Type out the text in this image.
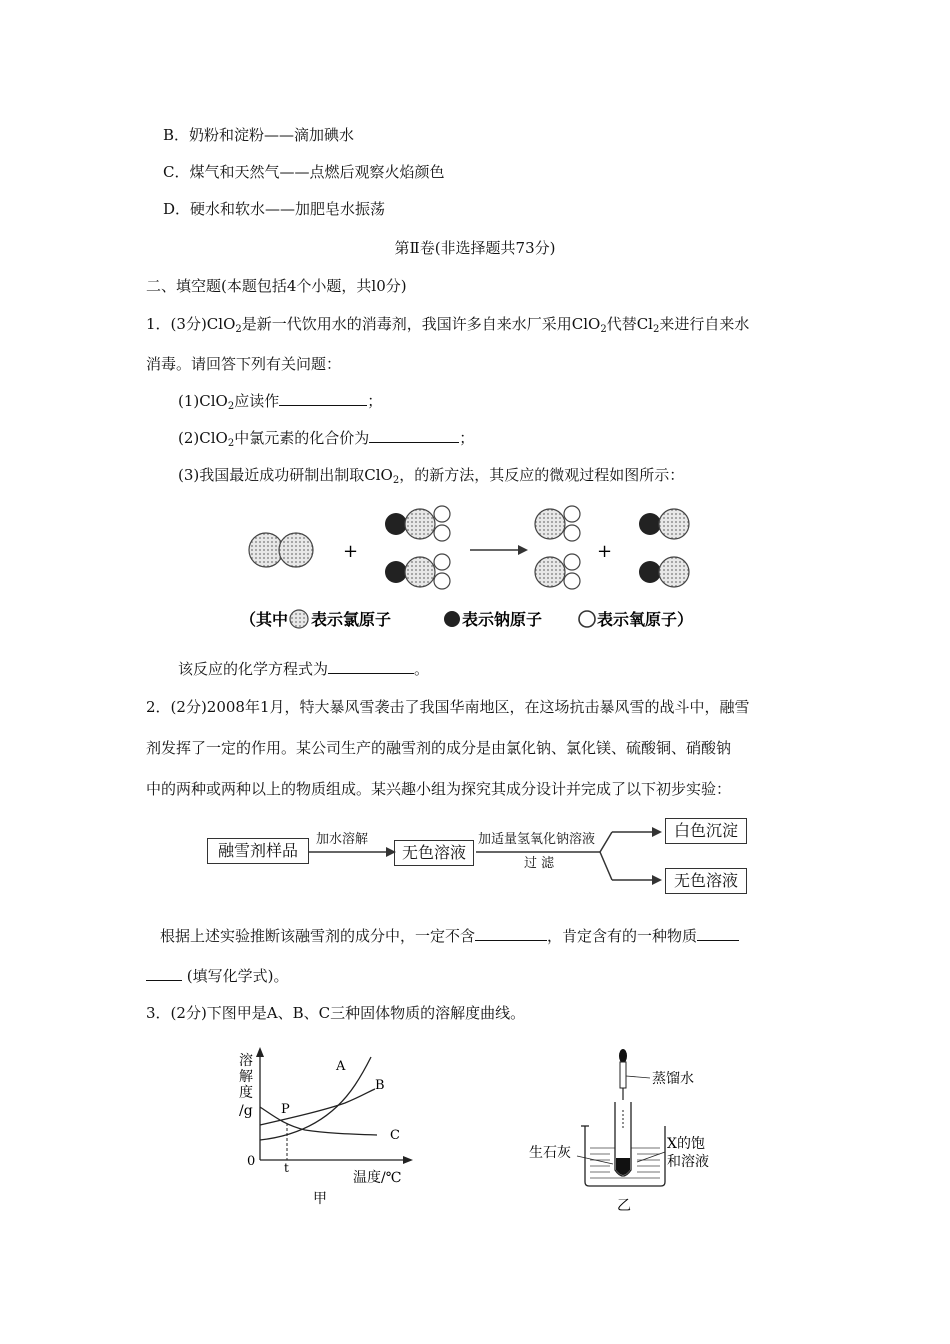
B．奶粉和淀粉——滴加碘水
C．煤气和天然气——点燃后观察火焰颜色
D．硬水和软水——加肥皂水振荡
第Ⅱ卷(非选择题共73分)
二、填空题(本题包括4个小题，共l0分)
1．(3分)ClO$_2$是新一代饮用水的消毒剂，我国许多自来水厂采用ClO$_2$代替$Cl_2$来进行自来水
消毒。请回答下列有关问题：
(1)ClO$_2$应读作	；
(2)ClO$_2$中氯元素的化合价为	；
(3)我国最近成功研制出制取ClO$_2$，的新方法，其反应的微观过程如图所示：
+	+
（其中 表示氯原子	表示钠原子	表示氧原子）
该反应的化学方程式为	。
2．(2分)2008年1月，特大暴风雪袭击了我国华南地区，在这场抗击暴风雪的战斗中，融雪
剂发挥了一定的作用。某公司生产的融雪剂的成分是由氯化钠、氯化镁、硫酸铜、硝酸钠
中的两种或两种以上的物质组成。某兴趣小组为探究其成分设计并完成了以下初步实验：
融雪剂样品	无色溶液
白色沉淀
无色溶液
加水溶解	加适量氢氧化钠溶液
过 滤
根据上述实验推断该融雪剂的成分中，一定不含	，肯定含有的一种物质
(填写化学式)。
3．(2分)下图甲是A、B、C三种固体物质的溶解度曲线。
溶
解
度
/g
0 t
P
A
B
C
温度/℃
甲
蒸馏水
生石灰
X的饱
和溶液
乙
